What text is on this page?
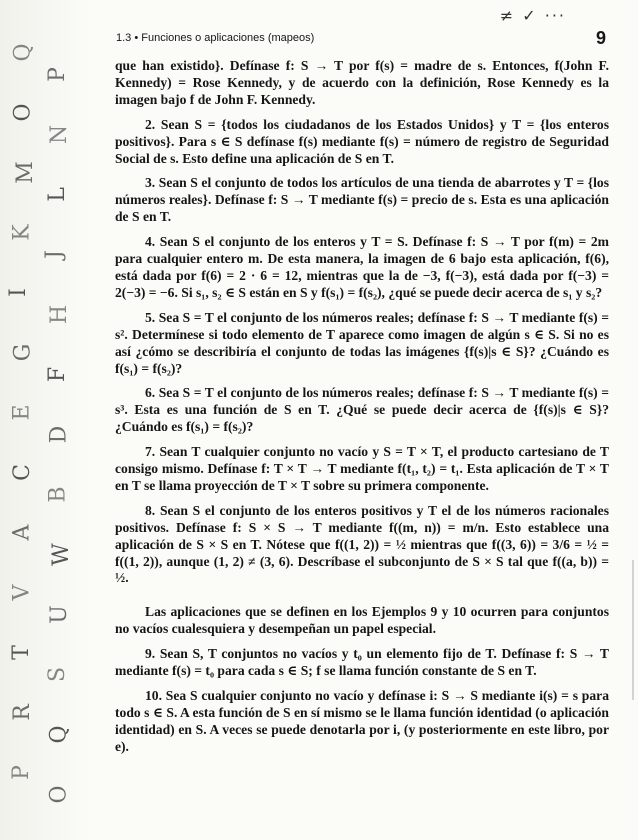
Q
P
O
N
M
L
K
J
I
H
G
F
E
D
C
B
A
W
V
U
T
S
R
Q
P
O
1.3 • Funciones o aplicaciones (mapeos)
≠ ✓ ···
9

que han existido}. Defínase f: S → T por f(s) = madre de s. Entonces, f(John F. Kennedy) = Rose Kennedy, y de acuerdo con la definición, Rose Kennedy es la imagen bajo f de John F. Kennedy.

2. Sean S = {todos los ciudadanos de los Estados Unidos} y T = {los enteros positivos}. Para s ∈ S defínase f(s) mediante f(s) = número de registro de Seguridad Social de s. Esto define una aplicación de S en T.

3. Sean S el conjunto de todos los artículos de una tienda de abarrotes y T = {los números reales}. Defínase f: S → T mediante f(s) = precio de s. Esta es una aplicación de S en T.

4. Sean S el conjunto de los enteros y T = S. Defínase f: S → T por f(m) = 2m para cualquier entero m. De esta manera, la imagen de 6 bajo esta aplicación, f(6), está dada por f(6) = 2 · 6 = 12, mientras que la de −3, f(−3), está dada por f(−3) = 2(−3) = −6. Si s₁, s₂ ∈ S están en S y f(s₁) = f(s₂), ¿qué se puede decir acerca de s₁ y s₂?

5. Sea S = T el conjunto de los números reales; defínase f: S → T mediante f(s) = s². Determínese si todo elemento de T aparece como imagen de algún s ∈ S. Si no es así ¿cómo se describiría el conjunto de todas las imágenes {f(s)|s ∈ S}? ¿Cuándo es f(s₁) = f(s₂)?

6. Sea S = T el conjunto de los números reales; defínase f: S → T mediante f(s) = s³. Esta es una función de S en T. ¿Qué se puede decir acerca de {f(s)|s ∈ S}? ¿Cuándo es f(s₁) = f(s₂)?

7. Sean T cualquier conjunto no vacío y S = T × T, el producto cartesiano de T consigo mismo. Defínase f: T × T → T mediante f(t₁, t₂) = t₁. Esta aplicación de T × T en T se llama proyección de T × T sobre su primera componente.

8. Sean S el conjunto de los enteros positivos y T el de los números racionales positivos. Defínase f: S × S → T mediante f((m, n)) = m/n. Esto establece una aplicación de S × S en T. Nótese que f((1, 2)) = ½ mientras que f((3, 6)) = 3/6 = ½ = f((1, 2)), aunque (1, 2) ≠ (3, 6). Descríbase el subconjunto de S × S tal que f((a, b)) = ½.

Las aplicaciones que se definen en los Ejemplos 9 y 10 ocurren para conjuntos no vacíos cualesquiera y desempeñan un papel especial.

9. Sean S, T conjuntos no vacíos y t₀ un elemento fijo de T. Defínase f: S → T mediante f(s) = t₀ para cada s ∈ S; f se llama función constante de S en T.

10. Sea S cualquier conjunto no vacío y defínase i: S → S mediante i(s) = s para todo s ∈ S. A esta función de S en sí mismo se le llama función identidad (o aplicación identidad) en S. A veces se puede denotarla por i, (y posteriormente en este libro, por e).
